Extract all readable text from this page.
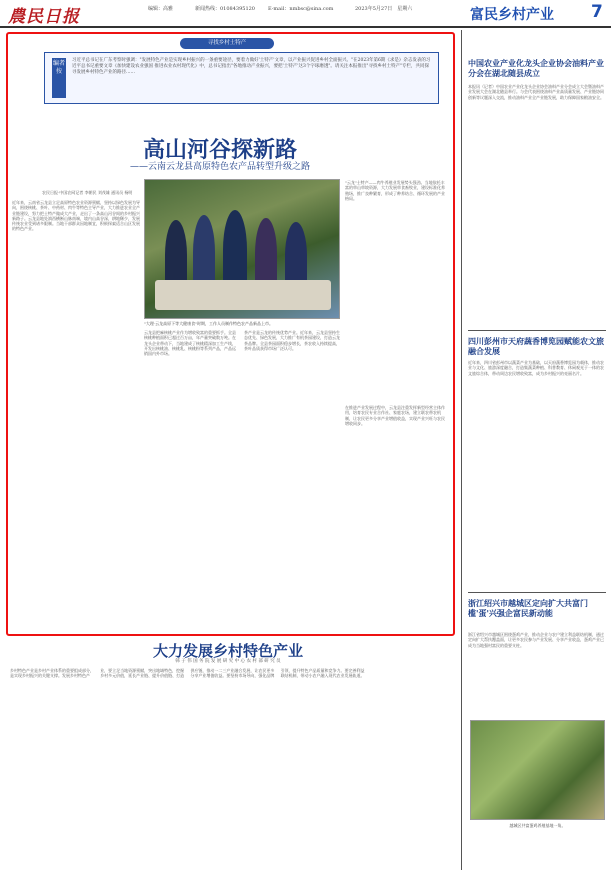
農民日报	编辑：高雅	新闻热线：01084395120	E-mail：nmbsc@sina.com	2023年5月27日　星期六	富民乡村产业 7
寻找乡村土特产
编者按
习近平总书记在广东考察时强调："发展特色产业是实现乡村振兴的一条重要途径，要着力做好'土特产'文章，以产业振兴促进乡村全面振兴。"在2023年第6期《求是》杂志发表的习近平总书记重要文章《加快建设农业强国 推进农业农村现代化》中，总书记指出"各地推动产业振兴，要把'土特产'这3个字琢磨透"。请关注本报推出"寻找乡村土特产"专栏，共同探寻发展乡村特色产业的路径……
高山河谷探新路
——云南云龙县高原特色农产品转型升级之路
农民日报·中国农网记者 李朝民 刘茂雄 通讯员 杨明
"大理·云龙高原下等大健康食"时期，工作人员制作特色农产品新品上市。
近年来，云南省云龙县立足高原特色农业资源禀赋，坚持以绿色发展为导向，围绕核桃、茶叶、中药材、肉牛等特色主导产业，大力推进农业全产业链建设，努力把土特产做成大产业，走出了一条高山河谷间的乡村振兴新路子。云龙县地处滇西横断山脉南端，境内山高谷深，耕地稀少，发展传统农业受到诸多限制。当地干部群众因地制宜，积极探索适合山区发展的特色产业。
云龙县把麻核桃产业作为增收致富的重要抓手。全县核桃种植面积已超过百万亩，年产量突破数万吨。在龙头企业带动下，当地建成了核桃精深加工生产线，开发出核桃油、核桃乳、核桃粉等系列产品，产品远销国内外市场。
茶产业是云龙的传统优势产业。近年来，云龙县坚持生态优先、绿色发展，大力推广有机茶园建设，打造云龙茶品牌。全县茶园面积稳步增长，茶农收入持续提高，茶叶品质获得市场广泛认可。
"云龙"土特产——肉牛养殖业发展势头强劲。当地依托丰富的草山草坡资源，大力发展草食畜牧业，建设标准化养殖场，推广良种繁育，形成了种养结合、循环发展的产业格局。
在推进产业发展过程中，云龙县注重发挥新型经营主体作用，培育农民专业合作社、家庭农场，建立联农带农机制，让农民更多分享产业增值收益，实现产业兴旺与农民增收同步。
大力发展乡村特色产业
韩 子 伟 国 务 院 发 展 研 究 中 心 农 村 部 研 究 员
乡村特色产业是乡村产业体系的重要组成部分，是实现乡村振兴的关键支撑。发展乡村特色产业，要立足当地资源禀赋，突出地域特色，挖掘乡村多元价值，延长产业链、提升价值链、打造供应链，推动一二三产业融合发展，让农民更多分享产业增值收益。要坚持市场导向，强化品牌引领，提升特色产品质量和竞争力。要完善利益联结机制，带动小农户融入现代农业发展轨道。
中国农业产业化龙头企业协会油料产业分会在湖北随县成立
本报讯（记者）中国农业产业化龙头企业协会油料产业分会成立大会暨油料产业发展大会在湖北随县举行。与会代表围绕油料产业高质量发展、产业链协同创新等议题深入交流，推动油料产业全产业链发展，助力保障国家粮油安全。
四川彭州市天府蔬香博览园赋能农文旅融合发展
近年来，四川省彭州市以蔬菜产业为基础，以天府蔬香博览园为载体，推动农业与文化、旅游深度融合，打造集蔬菜种植、科普教育、休闲观光于一体的农文旅综合体，带动周边农民增收致富，成为乡村振兴的亮丽名片。
浙江绍兴市越城区定向扩大共富门槛'蛋'兴强企富民新动能
越城区共富蛋鸡养殖基地一角。
浙江省绍兴市越城区围绕蛋鸡产业，推动企业与农户建立利益联结机制，通过定向扩大帮扶覆盖面，让更多农民参与产业发展、分享产业收益，蛋鸡产业已成为当地强村富民的重要支柱。
